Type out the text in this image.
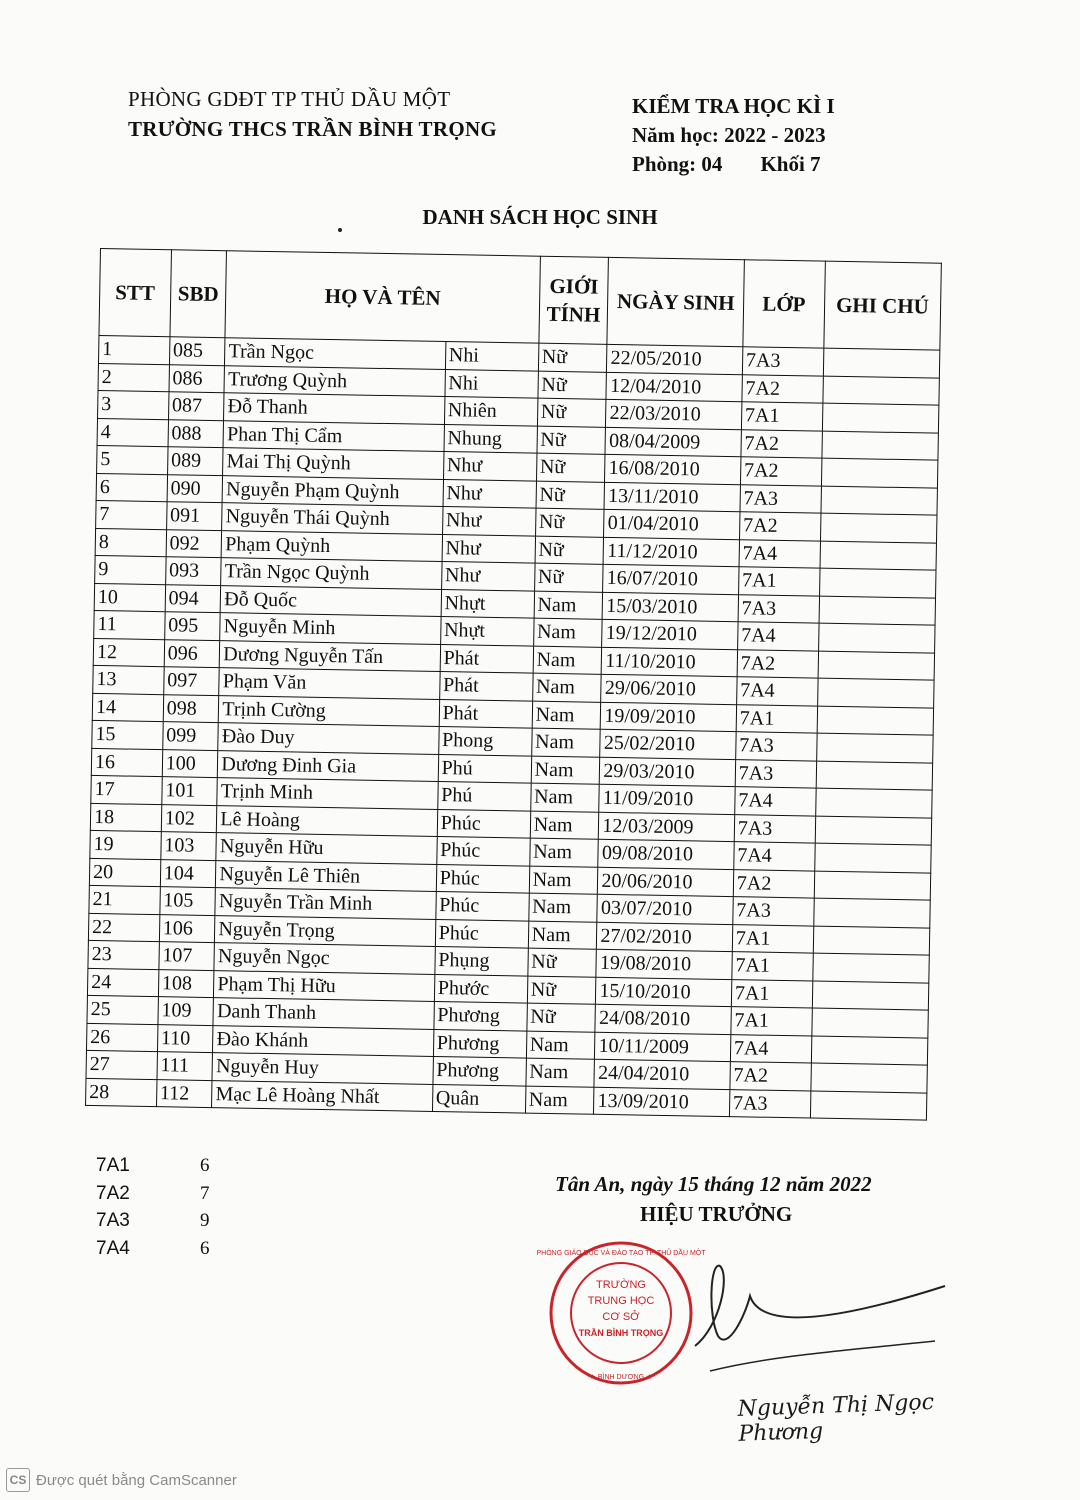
PHÒNG GDĐT TP THỦ DẦU MỘT
TRƯỜNG THCS TRẦN BÌNH TRỌNG
KIỂM TRA HỌC KÌ I
Năm học: 2022 - 2023
Phòng: 04 Khối 7
DANH SÁCH HỌC SINH
STT	SBD	HỌ VÀ TÊN		GIỚI TÍNH	NGÀY SINH	LỚP	GHI CHÚ
1	085	Trần Ngọc	Nhi	Nữ	22/05/2010	7A3	
2	086	Trương Quỳnh	Nhi	Nữ	12/04/2010	7A2	
3	087	Đỗ Thanh	Nhiên	Nữ	22/03/2010	7A1	
4	088	Phan Thị Cẩm	Nhung	Nữ	08/04/2009	7A2	
5	089	Mai Thị Quỳnh	Như	Nữ	16/08/2010	7A2	
6	090	Nguyễn Phạm Quỳnh	Như	Nữ	13/11/2010	7A3	
7	091	Nguyễn Thái Quỳnh	Như	Nữ	01/04/2010	7A2	
8	092	Phạm Quỳnh	Như	Nữ	11/12/2010	7A4	
9	093	Trần Ngọc Quỳnh	Như	Nữ	16/07/2010	7A1	
10	094	Đỗ Quốc	Nhựt	Nam	15/03/2010	7A3	
11	095	Nguyễn Minh	Nhựt	Nam	19/12/2010	7A4	
12	096	Dương Nguyễn Tấn	Phát	Nam	11/10/2010	7A2	
13	097	Phạm Văn	Phát	Nam	29/06/2010	7A4	
14	098	Trịnh Cường	Phát	Nam	19/09/2010	7A1	
15	099	Đào Duy	Phong	Nam	25/02/2010	7A3	
16	100	Dương Đinh Gia	Phú	Nam	29/03/2010	7A3	
17	101	Trịnh Minh	Phú	Nam	11/09/2010	7A4	
18	102	Lê Hoàng	Phúc	Nam	12/03/2009	7A3	
19	103	Nguyễn Hữu	Phúc	Nam	09/08/2010	7A4	
20	104	Nguyễn Lê Thiên	Phúc	Nam	20/06/2010	7A2	
21	105	Nguyễn Trần Minh	Phúc	Nam	03/07/2010	7A3	
22	106	Nguyễn Trọng	Phúc	Nam	27/02/2010	7A1	
23	107	Nguyễn Ngọc	Phụng	Nữ	19/08/2010	7A1	
24	108	Phạm Thị Hữu	Phước	Nữ	15/10/2010	7A1	
25	109	Danh Thanh	Phương	Nữ	24/08/2010	7A1	
26	110	Đào Khánh	Phương	Nam	10/11/2009	7A4	
27	111	Nguyễn Huy	Phương	Nam	24/04/2010	7A2	
28	112	Mạc Lê Hoàng Nhất	Quân	Nam	13/09/2010	7A3	
7A1	6
7A2	7
7A3	9
7A4	6
Tân An, ngày 15 tháng 12 năm 2022
HIỆU TRƯỞNG
TRƯỜNG
TRUNG HỌC
CƠ SỞ
TRẦN BÌNH TRỌNG
PHÒNG GIÁO DỤC VÀ ĐÀO TẠO TP. THỦ DẦU MỘT
★ BÌNH DƯƠNG ★
Nguyễn Thị Ngọc Phương
CS Được quét bằng CamScanner
